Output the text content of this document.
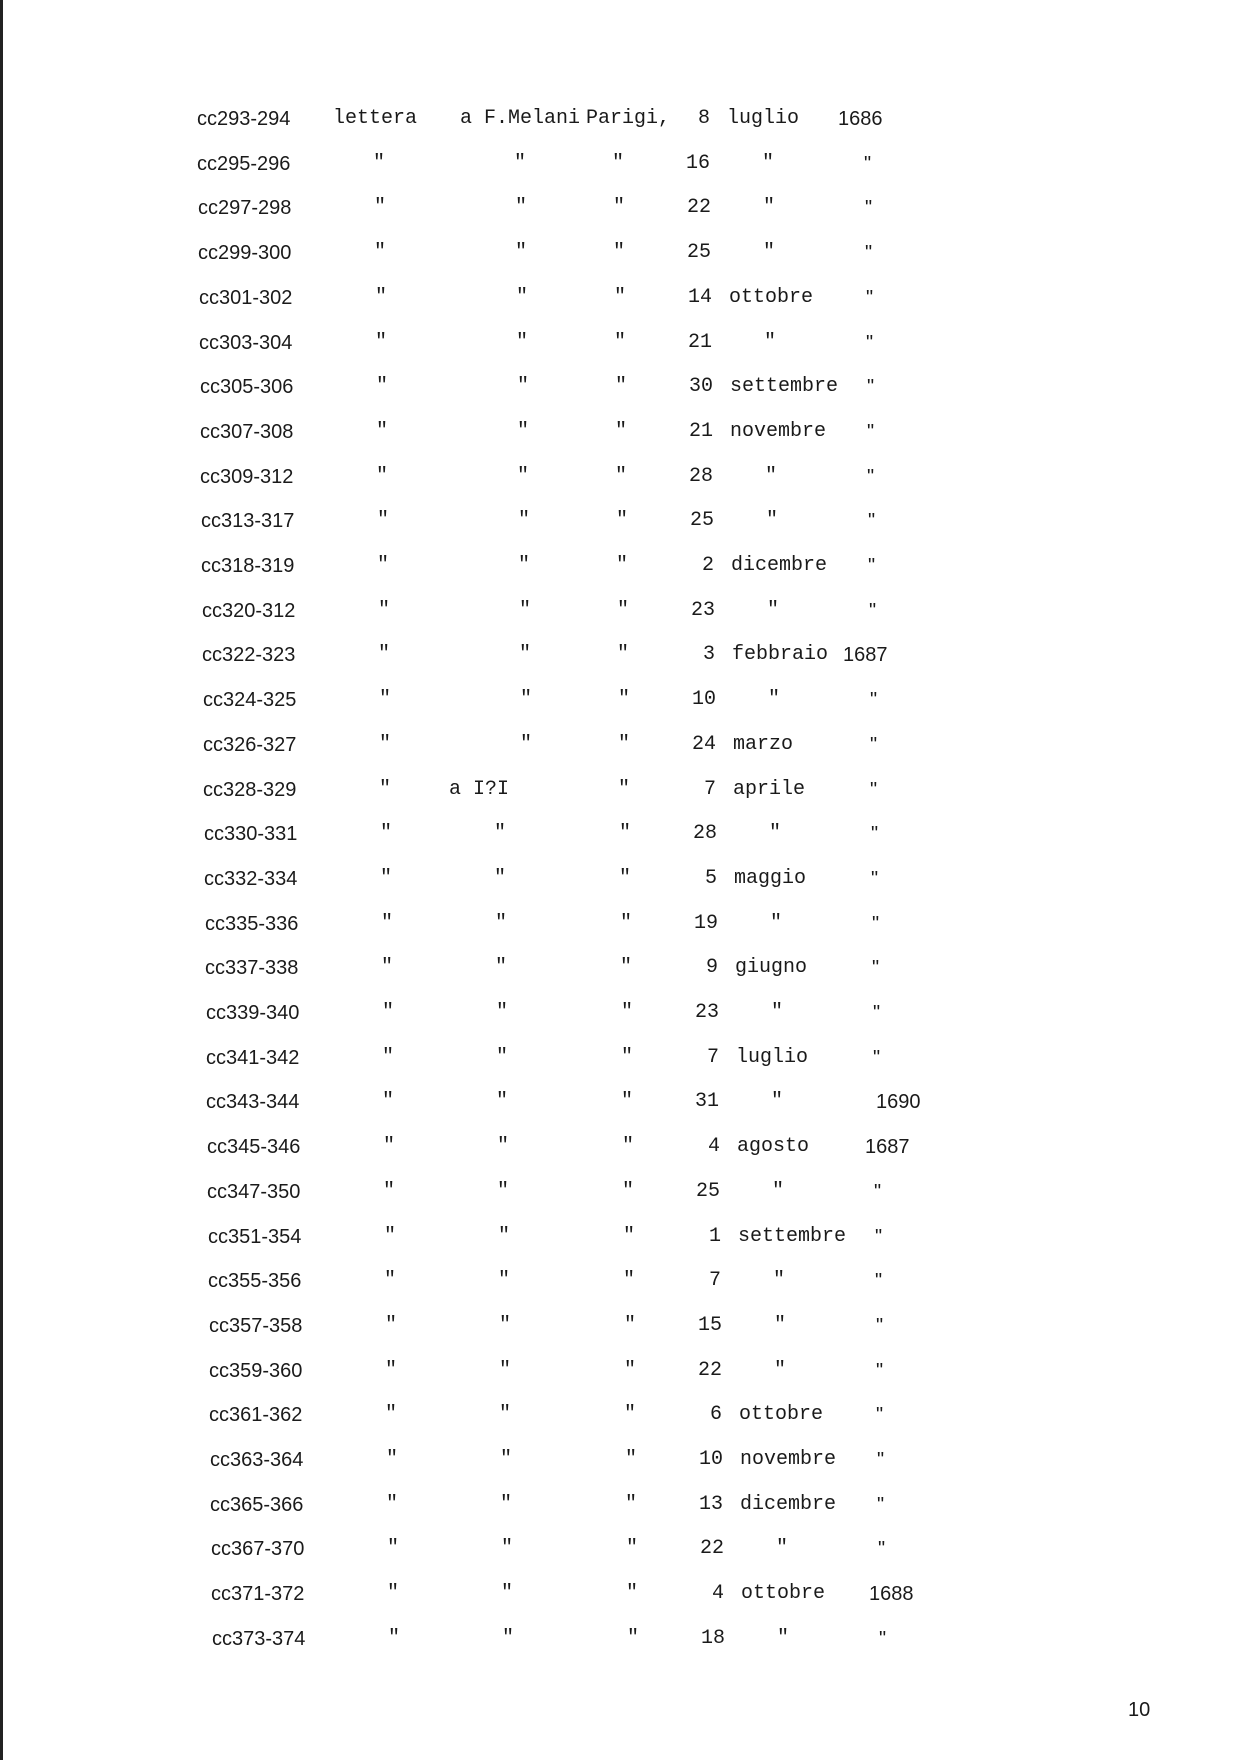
cc293-294 lettera a F.Melani Parigi,	8 luglio 1686
cc295-296	"	"	"	16	"	"
cc297-298	"	"	"	22	"	"
cc299-300	"	"	"	25	"	"
cc301-302	"	"	"	14 ottobre	"
cc303-304	"	"	"	21	"	"
cc305-306	"	"	"	30 settembre "
cc307-308	"	"	"	21 novembre "
cc309-312	"	"	"	28	"	"
cc313-317	"	"	"	25	"	"
cc318-319	"	"	"	2 dicembre "
cc320-312	"	"	"	23	"	"
cc322-323	"	"	"	3 febbraio 1687
cc324-325	"	"	"	10	"	"
cc326-327	"	"	"	24 marzo	"
cc328-329	"	a I?I	"	7 aprile	"
cc330-331	"	"	"	28	"	"
cc332-334	"	"	"	5 maggio	"
cc335-336	"	"	"	19	"	"
cc337-338	"	"	"	9 giugno	"
cc339-340	"	"	"	23	"	"
cc341-342	"	"	"	7 luglio	"
cc343-344	"	"	"	31	"	1690
cc345-346	"	"	"	4 agosto	1687
cc347-350	"	"	"	25	"	"
cc351-354	"	"	"	1 settembre "
cc355-356	"	"	"	7	"	"
cc357-358	"	"	"	15	"	"
cc359-360	"	"	"	22	"	"
cc361-362	"	"	"	6 ottobre	"
cc363-364	"	"	"	10 novembre "
cc365-366	"	"	"	13 dicembre "
cc367-370	"	"	"	22	"	"
cc371-372	"	"	"	4 ottobre 1688
cc373-374	"	"	"	18	"	"
10
